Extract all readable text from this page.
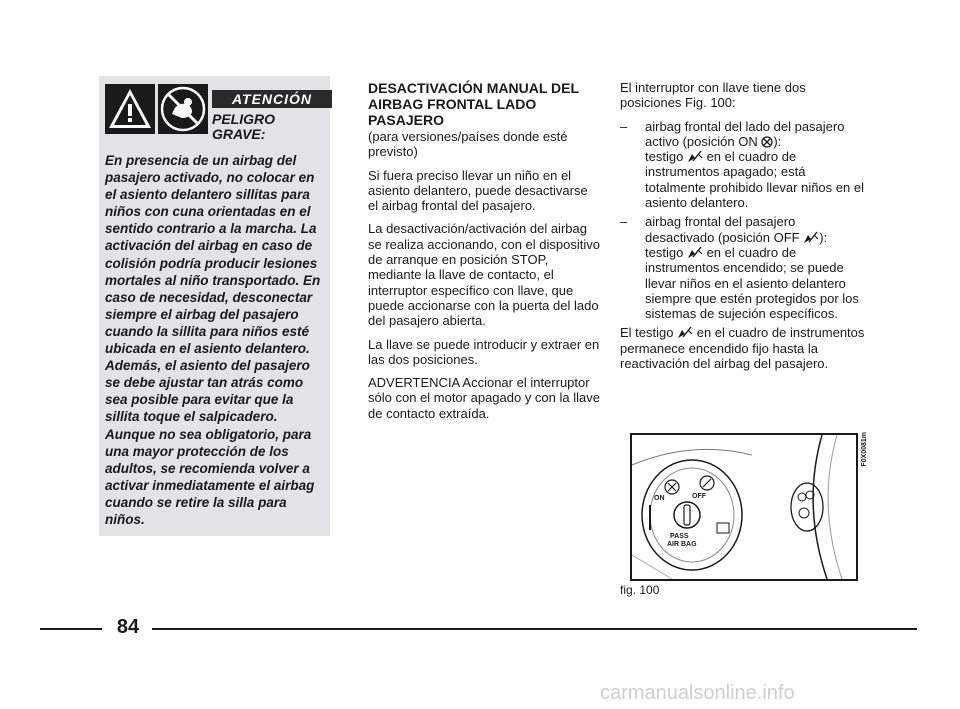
ATENCIÓN
PELIGRO GRAVE:

En presencia de un airbag del pasajero activado, no colocar en el asiento delantero sillitas para niños con cuna orientadas en el sentido contrario a la marcha. La activación del airbag en caso de colisión podría producir lesiones mortales al niño transportado. En caso de necesidad, desconectar siempre el airbag del pasajero cuando la sillita para niños esté ubicada en el asiento delantero. Además, el asiento del pasajero se debe ajustar tan atrás como sea posible para evitar que la sillita toque el salpicadero. Aunque no sea obligatorio, para una mayor protección de los adultos, se recomienda volver a activar inmediatamente el airbag cuando se retire la silla para niños.

DESACTIVACIÓN MANUAL DEL AIRBAG FRONTAL LADO PASAJERO

(para versiones/países donde esté previsto)

Si fuera preciso llevar un niño en el asiento delantero, puede desactivarse el airbag frontal del pasajero.

La desactivación/activación del airbag se realiza accionando, con el dispositivo de arranque en posición STOP, mediante la llave de contacto, el interruptor específico con llave, que puede accionarse con la puerta del lado del pasajero abierta.

La llave se puede introducir y extraer en las dos posiciones.

ADVERTENCIA Accionar el interruptor sólo con el motor apagado y con la llave de contacto extraída.

El interruptor con llave tiene dos posiciones Fig. 100:

– airbag frontal del lado del pasajero activo (posición ON ):
testigo en el cuadro de instrumentos apagado; está totalmente prohibido llevar niños en el asiento delantero.
– airbag frontal del pasajero desactivado (posición OFF ):
testigo en el cuadro de instrumentos encendido; se puede llevar niños en el asiento delantero siempre que estén protegidos por los sistemas de sujeción específicos.

El testigo en el cuadro de instrumentos permanece encendido fijo hasta la reactivación del airbag del pasajero.

ON	OFF
PASS
AIR BAG
F0X0081m
fig. 100
84
carmanualsonline.info
